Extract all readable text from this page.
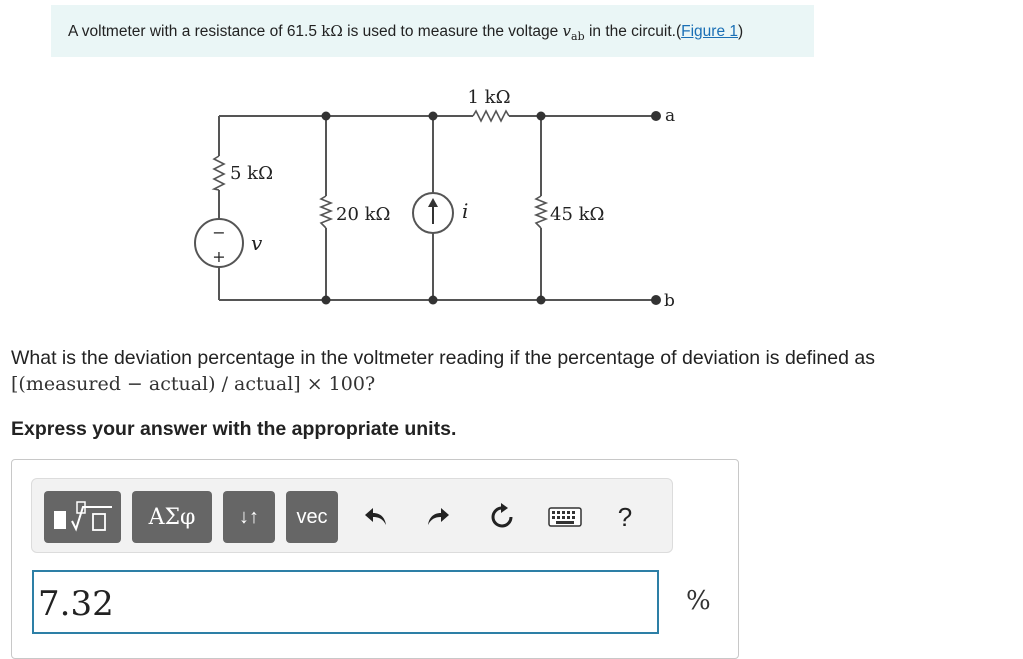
A voltmeter with a resistance of 61.5 kΩ is used to measure the voltage $v_{ab}$ in the circuit.(Figure 1)
−
+
1 kΩ
5 kΩ
20 kΩ	45 kΩ
v
i
a
b
What is the deviation percentage in the voltmeter reading if the percentage of deviation is defined as
[(measured − actual) / actual] × 100?
Express your answer with the appropriate units.
ΑΣφ	↓↑	vec	?
7.32
%
